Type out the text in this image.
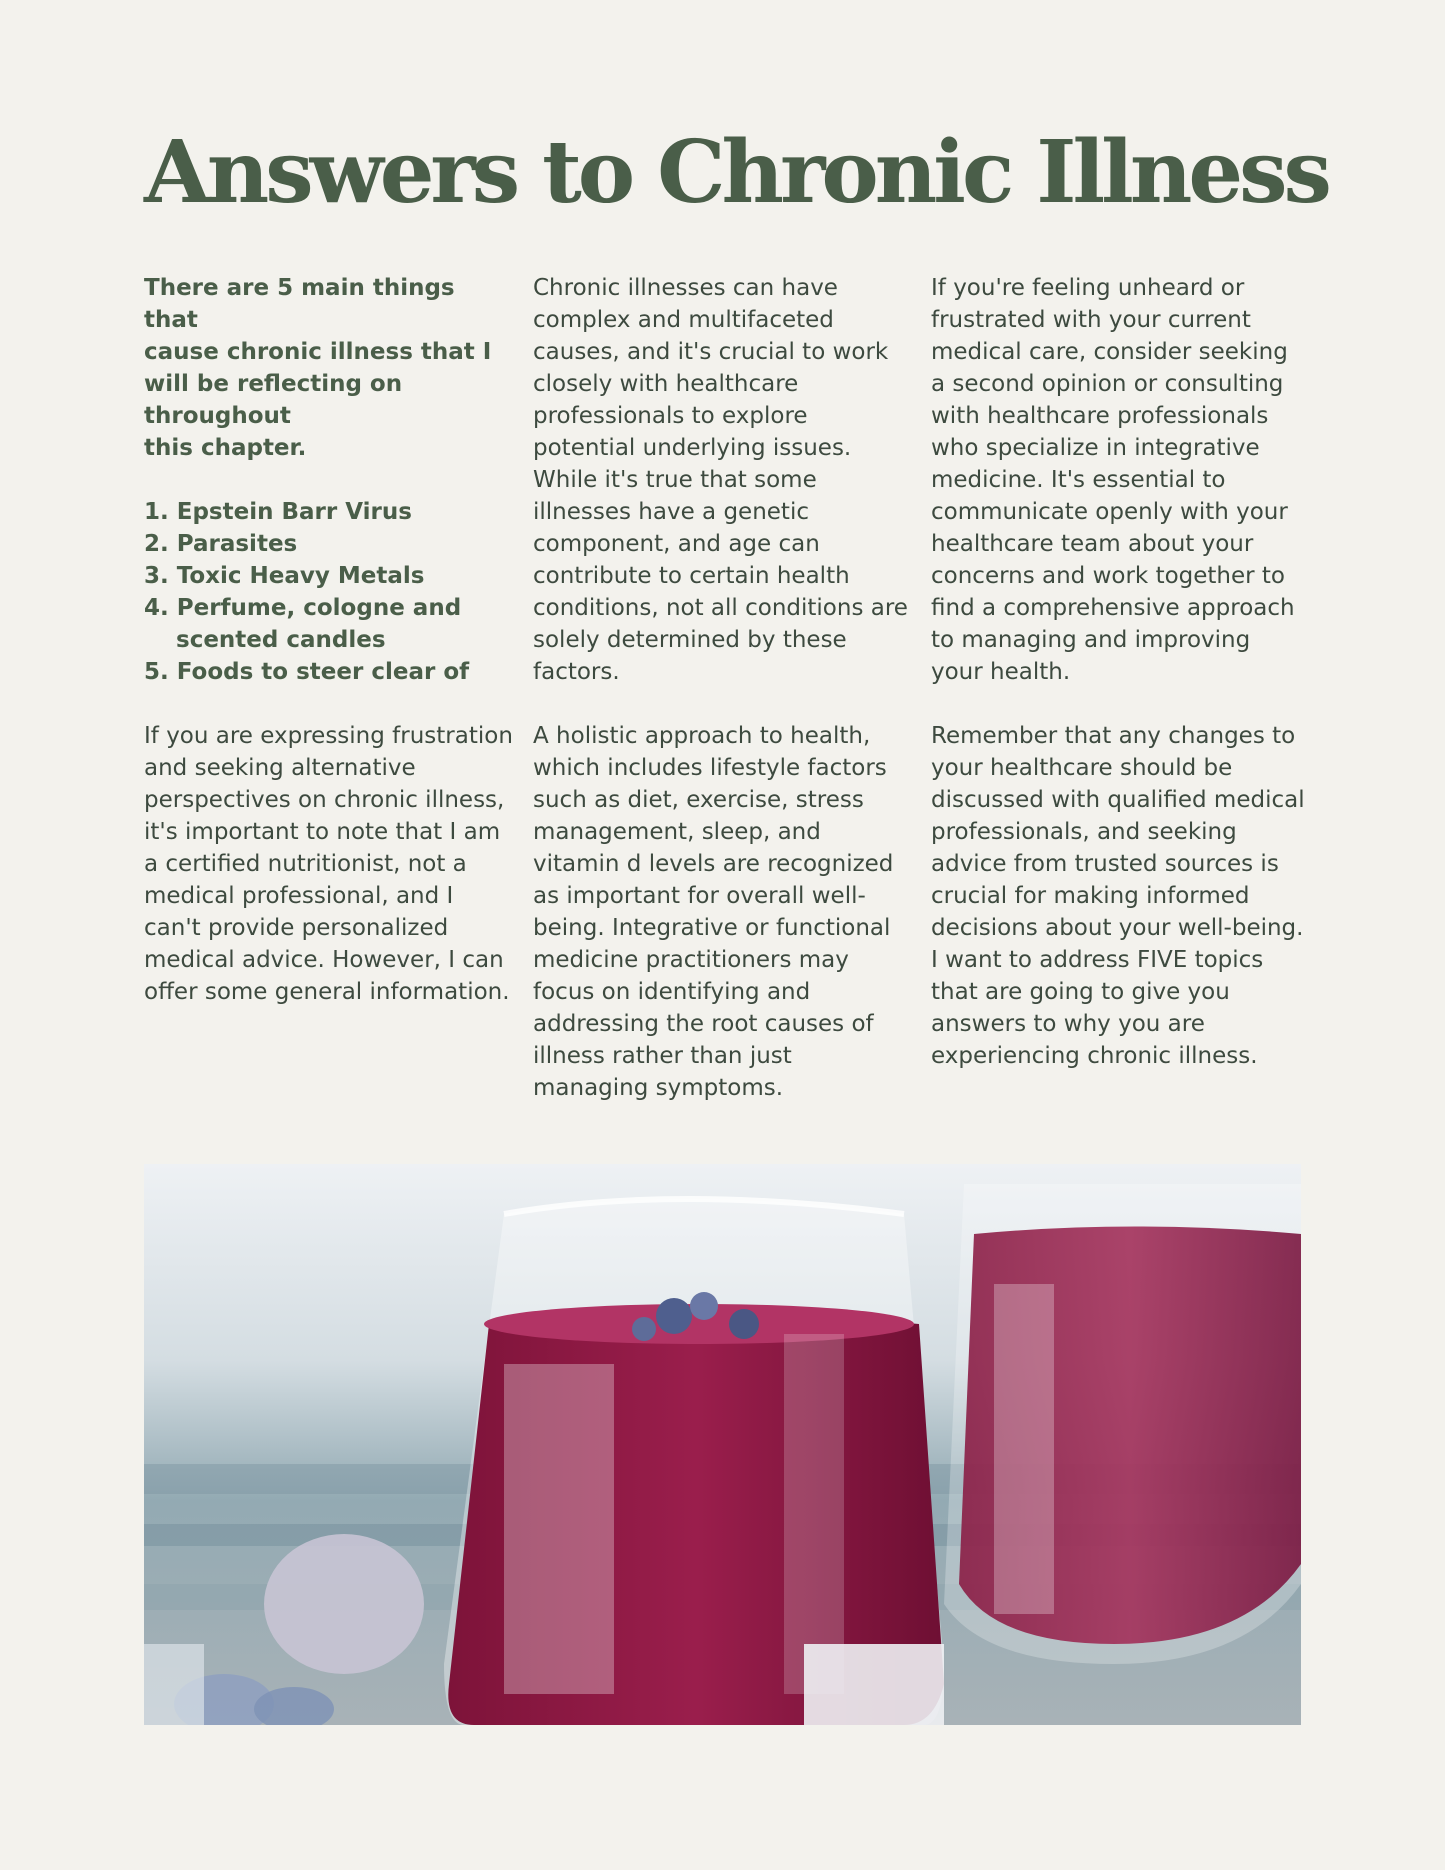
Answers to Chronic Illness
There are 5 main things that
cause chronic illness that I
will be reflecting on
throughout
this chapter.
1. Epstein Barr Virus
2. Parasites
3. Toxic Heavy Metals
4. Perfume, cologne and scented candles
5. Foods to steer clear of

If you are expressing frustration and seeking alternative perspectives on chronic illness, it's important to note that I am a certified nutritionist, not a medical professional, and I can't provide personalized medical advice. However, I can offer some general information.

Chronic illnesses can have complex and multifaceted causes, and it's crucial to work closely with healthcare professionals to explore potential underlying issues. While it's true that some illnesses have a genetic component, and age can contribute to certain health conditions, not all conditions are solely determined by these factors.

A holistic approach to health, which includes lifestyle factors such as diet, exercise, stress management, sleep, and vitamin d levels are recognized as important for overall well-being. Integrative or functional medicine practitioners may focus on identifying and addressing the root causes of illness rather than just managing symptoms.

If you're feeling unheard or frustrated with your current medical care, consider seeking a second opinion or consulting with healthcare professionals who specialize in integrative medicine. It's essential to communicate openly with your healthcare team about your concerns and work together to find a comprehensive approach to managing and improving your health.

Remember that any changes to your healthcare should be discussed with qualified medical professionals, and seeking advice from trusted sources is crucial for making informed decisions about your well-being. I want to address FIVE topics that are going to give you answers to why you are experiencing chronic illness.
